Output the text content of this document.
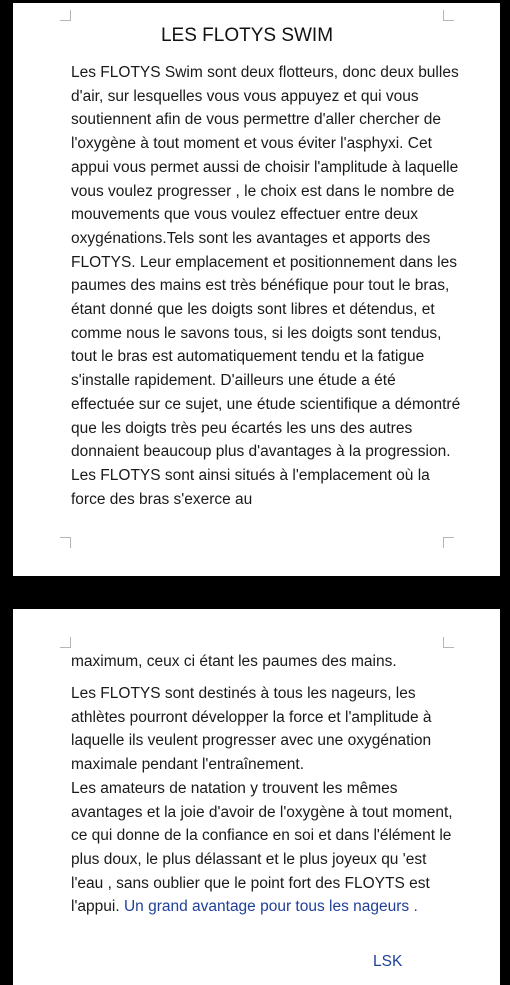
LES FLOTYS SWIM

Les FLOTYS Swim sont deux flotteurs, donc deux bulles d'air, sur lesquelles vous vous appuyez et qui vous soutiennent afin de vous permettre d'aller chercher de l'oxygène à tout moment et vous éviter l'asphyxi. Cet appui vous permet aussi de choisir l'amplitude à laquelle vous voulez progresser , le choix est dans le nombre de mouvements que vous voulez effectuer entre deux oxygénations.Tels sont les avantages et apports des FLOTYS. Leur emplacement et positionnement dans les paumes des mains est très bénéfique pour tout le bras, étant donné que les doigts sont libres et détendus, et comme nous le savons tous, si les doigts sont tendus, tout le bras est automatiquement tendu et la fatigue s'installe rapidement. D'ailleurs une étude a été effectuée sur ce sujet, une étude scientifique a démontré que les doigts très peu écartés les uns des autres donnaient beaucoup plus d'avantages à la progression. Les FLOTYS sont ainsi situés à l'emplacement où la force des bras s'exerce au

maximum, ceux ci étant les paumes des mains.

Les FLOTYS sont destinés à tous les nageurs, les athlètes pourront développer la force et l'amplitude à laquelle ils veulent progresser avec une oxygénation maximale pendant l'entraînement.
Les amateurs de natation y trouvent les mêmes avantages et la joie d'avoir de l'oxygène à tout moment, ce qui donne de la confiance en soi et dans l'élément le plus doux, le plus délassant et le plus joyeux qu 'est l'eau , sans oublier que le point fort des FLOYTS est l'appui. Un grand avantage pour tous les nageurs .

LSK
